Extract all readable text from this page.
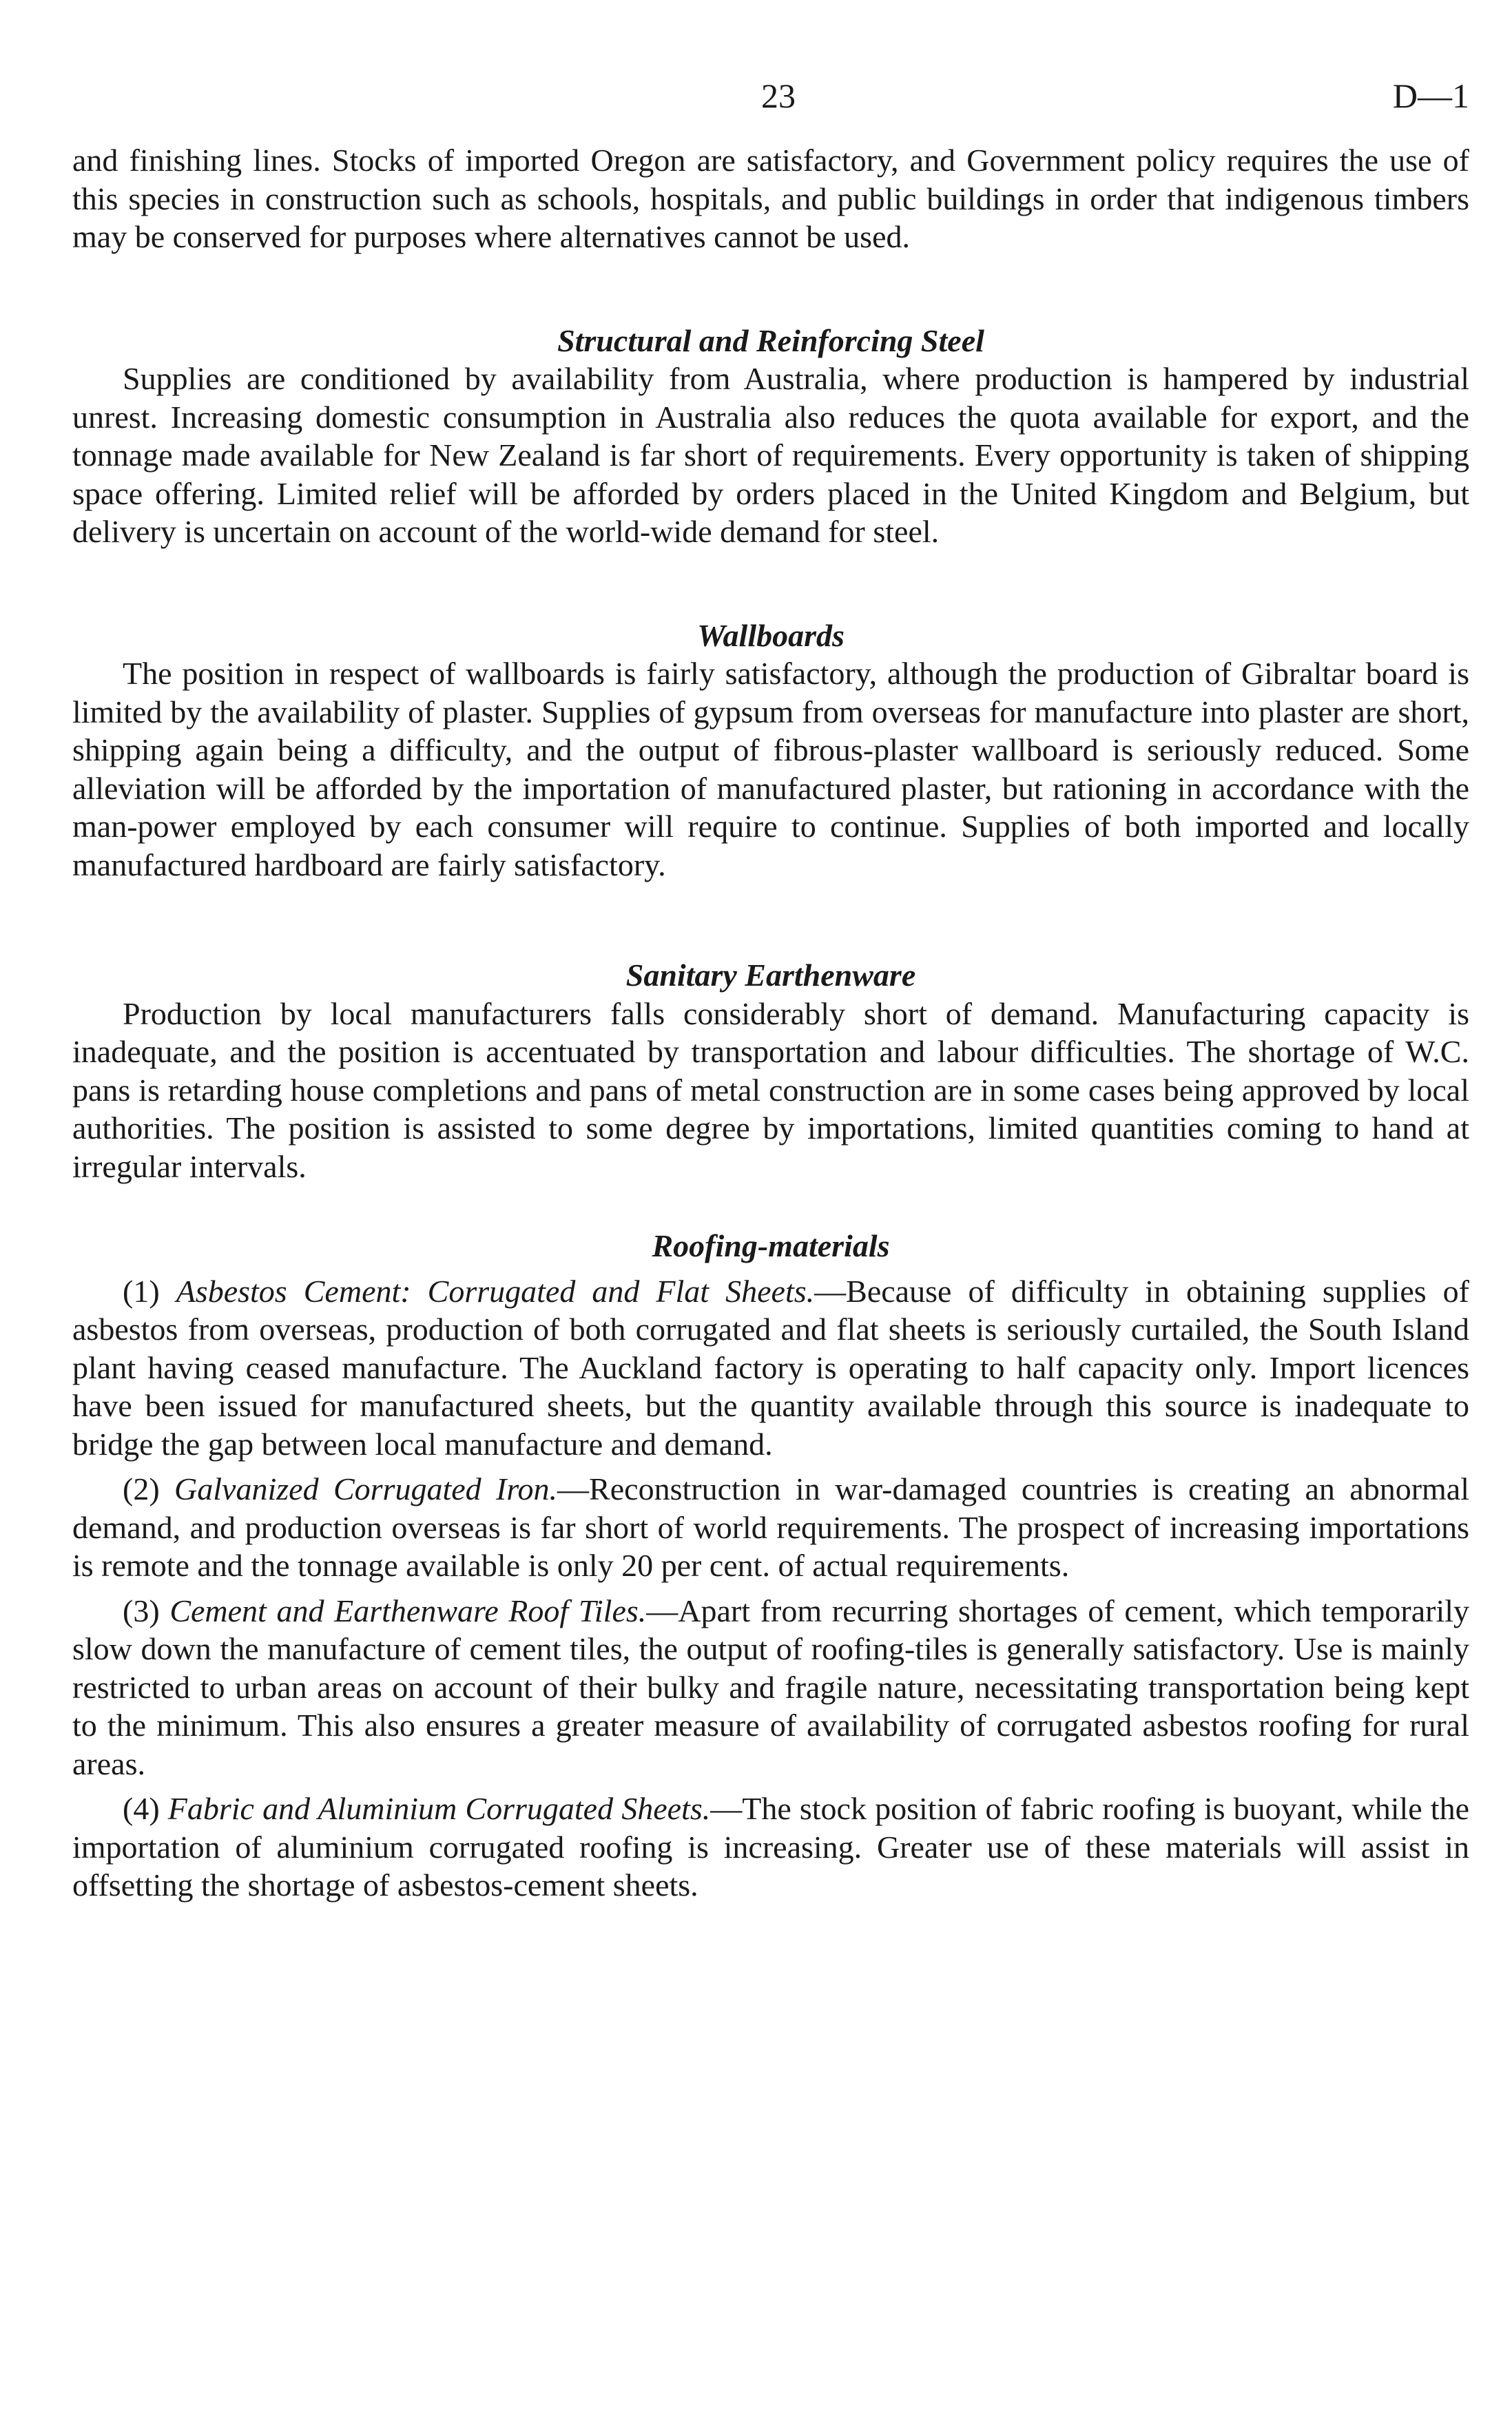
23	D—1

and finishing lines. Stocks of imported Oregon are satisfactory, and Government policy requires the use of this species in construction such as schools, hospitals, and public buildings in order that indigenous timbers may be conserved for purposes where alternatives cannot be used.

Structural and Reinforcing Steel

Supplies are conditioned by availability from Australia, where production is hampered by industrial unrest. Increasing domestic consumption in Australia also reduces the quota available for export, and the tonnage made available for New Zealand is far short of requirements. Every opportunity is taken of shipping space offering. Limited relief will be afforded by orders placed in the United Kingdom and Belgium, but delivery is uncertain on account of the world-wide demand for steel.

Wallboards

The position in respect of wallboards is fairly satisfactory, although the production of Gibraltar board is limited by the availability of plaster. Supplies of gypsum from overseas for manufacture into plaster are short, shipping again being a difficulty, and the output of fibrous-plaster wallboard is seriously reduced. Some alleviation will be afforded by the importation of manufactured plaster, but rationing in accordance with the man-power employed by each consumer will require to continue. Supplies of both imported and locally manufactured hardboard are fairly satisfactory.

Sanitary Earthenware

Production by local manufacturers falls considerably short of demand. Manufacturing capacity is inadequate, and the position is accentuated by transportation and labour difficulties. The shortage of W.C. pans is retarding house completions and pans of metal construction are in some cases being approved by local authorities. The position is assisted to some degree by importations, limited quantities coming to hand at irregular intervals.

Roofing-materials

(1) Asbestos Cement: Corrugated and Flat Sheets.—Because of difficulty in obtaining supplies of asbestos from overseas, production of both corrugated and flat sheets is seriously curtailed, the South Island plant having ceased manufacture. The Auckland factory is operating to half capacity only. Import licences have been issued for manufactured sheets, but the quantity available through this source is inadequate to bridge the gap between local manufacture and demand.

(2) Galvanized Corrugated Iron.—Reconstruction in war-damaged countries is creating an abnormal demand, and production overseas is far short of world requirements. The prospect of increasing importations is remote and the tonnage available is only 20 per cent. of actual requirements.

(3) Cement and Earthenware Roof Tiles.—Apart from recurring shortages of cement, which temporarily slow down the manufacture of cement tiles, the output of roofing-tiles is generally satisfactory. Use is mainly restricted to urban areas on account of their bulky and fragile nature, necessitating transportation being kept to the minimum. This also ensures a greater measure of availability of corrugated asbestos roofing for rural areas.

(4) Fabric and Aluminium Corrugated Sheets.—The stock position of fabric roofing is buoyant, while the importation of aluminium corrugated roofing is increasing. Greater use of these materials will assist in offsetting the shortage of asbestos-cement sheets.
